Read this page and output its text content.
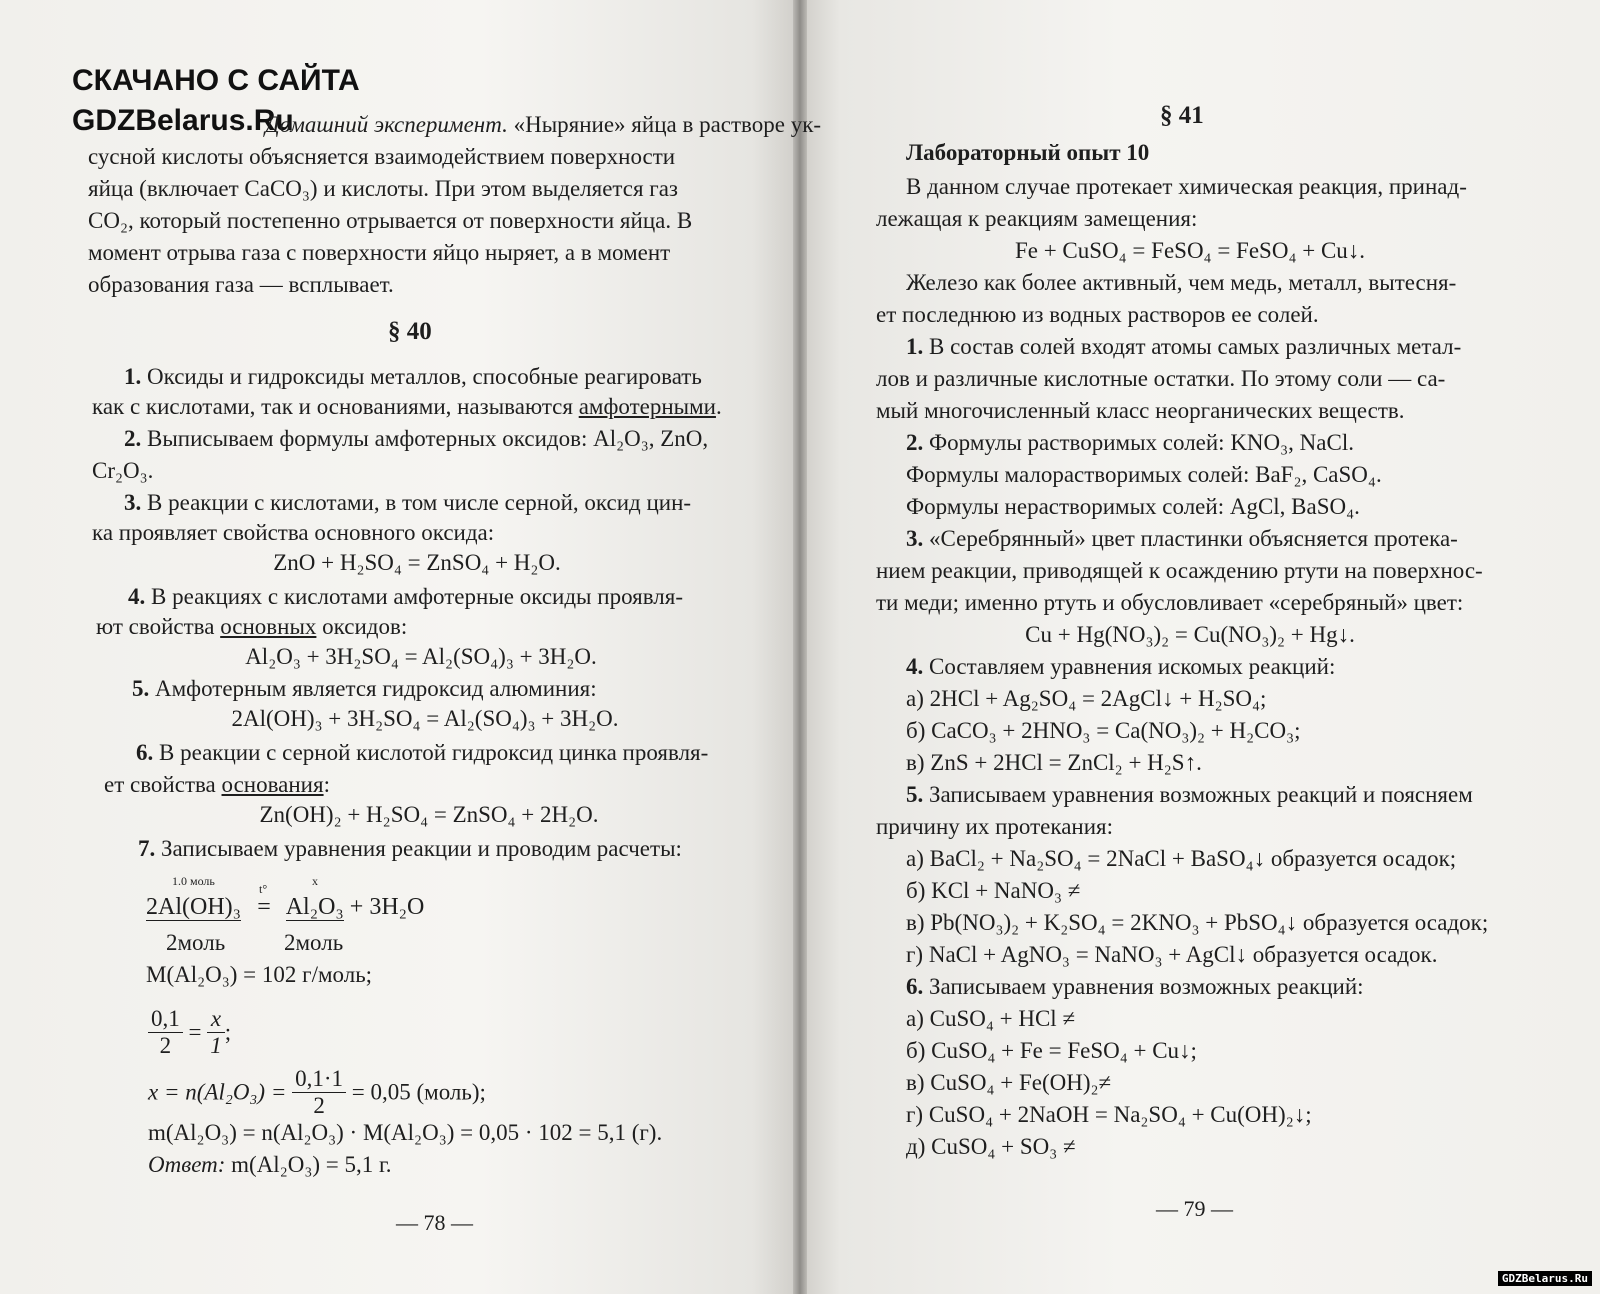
СКАЧАНО С САЙТА
GDZBelarus.Ru
Домашний эксперимент. «Ныряние» яйца в растворе ук-
сусной кислоты объясняется взаимодействием поверхности
яйца (включает CaCO₃) и кислоты. При этом выделяется газ
CO₂, который постепенно отрывается от поверхности яйца. В
момент отрыва газа с поверхности яйцо ныряет, а в момент
образования газа — всплывает.
§ 40
1. Оксиды и гидроксиды металлов, способные реагировать
как с кислотами, так и основаниями, называются амфотерными.
2. Выписываем формулы амфотерных оксидов: Al₂O₃, ZnO,
Cr₂O₃.
3. В реакции с кислотами, в том числе серной, оксид цин-
ка проявляет свойства основного оксида:
ZnO + H₂SO₄ = ZnSO₄ + H₂O.
4. В реакциях с кислотами амфотерные оксиды проявля-
ют свойства основных оксидов:
Al₂O₃ + 3H₂SO₄ = Al₂(SO₄)₃ + 3H₂O.
5. Амфотерным является гидроксид алюминия:
2Al(OH)₃ + 3H₂SO₄ = Al₂(SO₄)₃ + 3H₂O.
6. В реакции с серной кислотой гидроксид цинка проявля-
ет свойства основания:
Zn(OH)₂ + H₂SO₄ = ZnSO₄ + 2H₂O.
7. Записываем уравнения реакции и проводим расчеты:
1.0 моль	x
2Al(OH)₃
t°
= Al₂O₃ + 3H₂O
2моль	2моль
M(Al₂O₃) = 102 г/моль;
$\frac{0,1}{2} = \frac{x}{1}$ ;
$x = n(Al_2O_3) = \frac{0,1\cdot 1}{2} = 0,05$ (моль);
m(Al₂O₃) = n(Al₂O₃) · M(Al₂O₃) = 0,05 · 102 = 5,1 (г).
Ответ: m(Al₂O₃) = 5,1 г.
— 78 —
§ 41
Лабораторный опыт 10
В данном случае протекает химическая реакция, принад-
лежащая к реакциям замещения:
Fe + CuSO₄ = FeSO₄ = FeSO₄ + Cu↓.
Железо как более активный, чем медь, металл, вытесня-
ет последнюю из водных растворов ее солей.
1. В состав солей входят атомы самых различных метал-
лов и различные кислотные остатки. По этому соли — са-
мый многочисленный класс неорганических веществ.
2. Формулы растворимых солей: KNO₃, NaCl.
Формулы малорастворимых солей: BaF₂, CaSO₄.
Формулы нерастворимых солей: AgCl, BaSO₄.
3. «Серебрянный» цвет пластинки объясняется протека-
нием реакции, приводящей к осаждению ртути на поверхнос-
ти меди; именно ртуть и обусловливает «серебряный» цвет:
Cu + Hg(NO₃)₂ = Cu(NO₃)₂ + Hg↓.
4. Составляем уравнения искомых реакций:
а) 2HCl + Ag₂SO₄ = 2AgCl↓ + H₂SO₄;
б) CaCO₃ + 2HNO₃ = Ca(NO₃)₂ + H₂CO₃;
в) ZnS + 2HCl = ZnCl₂ + H₂S↑.
5. Записываем уравнения возможных реакций и поясняем
причину их протекания:
а) BaCl₂ + Na₂SO₄ = 2NaCl + BaSO₄↓ образуется осадок;
б) KCl + NaNO₃ ≠
в) Pb(NO₃)₂ + K₂SO₄ = 2KNO₃ + PbSO₄↓ образуется осадок;
г) NaCl + AgNO₃ = NaNO₃ + AgCl↓ образуется осадок.
6. Записываем уравнения возможных реакций:
а) CuSO₄ + HCl ≠
б) CuSO₄ + Fe = FeSO₄ + Cu↓;
в) CuSO₄ + Fe(OH)₂≠
г) CuSO₄ + 2NaOH = Na₂SO₄ + Cu(OH)₂↓;
д) CuSO₄ + SO₃ ≠
— 79 —
GDZBelarus.Ru
